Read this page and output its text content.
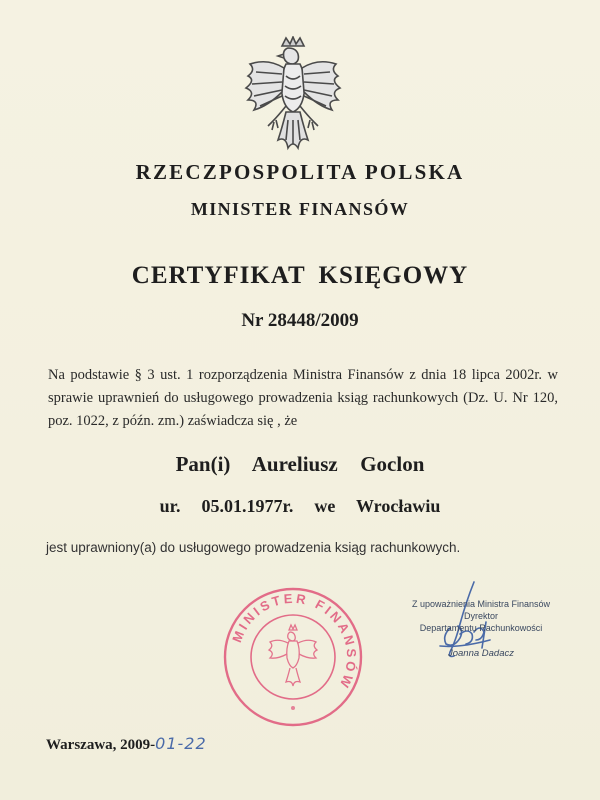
RZECZPOSPOLITA POLSKA
MINISTER FINANSÓW
CERTYFIKAT KSIĘGOWY
Nr 28448/2009
Na podstawie § 3 ust. 1 rozporządzenia Ministra Finansów z dnia 18 lipca 2002r. w sprawie uprawnień do usługowego prowadzenia ksiąg rachunkowych (Dz. U. Nr 120, poz. 1022, z późn. zm.) zaświadcza się , że
Pan(i)  Aureliusz  Goclon
ur.  05.01.1977r.  we  Wrocławiu
jest uprawniony(a) do usługowego prowadzenia ksiąg rachunkowych.
MINISTER FINANSÓW
Z upoważnienia Ministra Finansów
Dyrektor
Departamentu Rachunkowości
Joanna Dadacz
Warszawa, 2009-01-22
